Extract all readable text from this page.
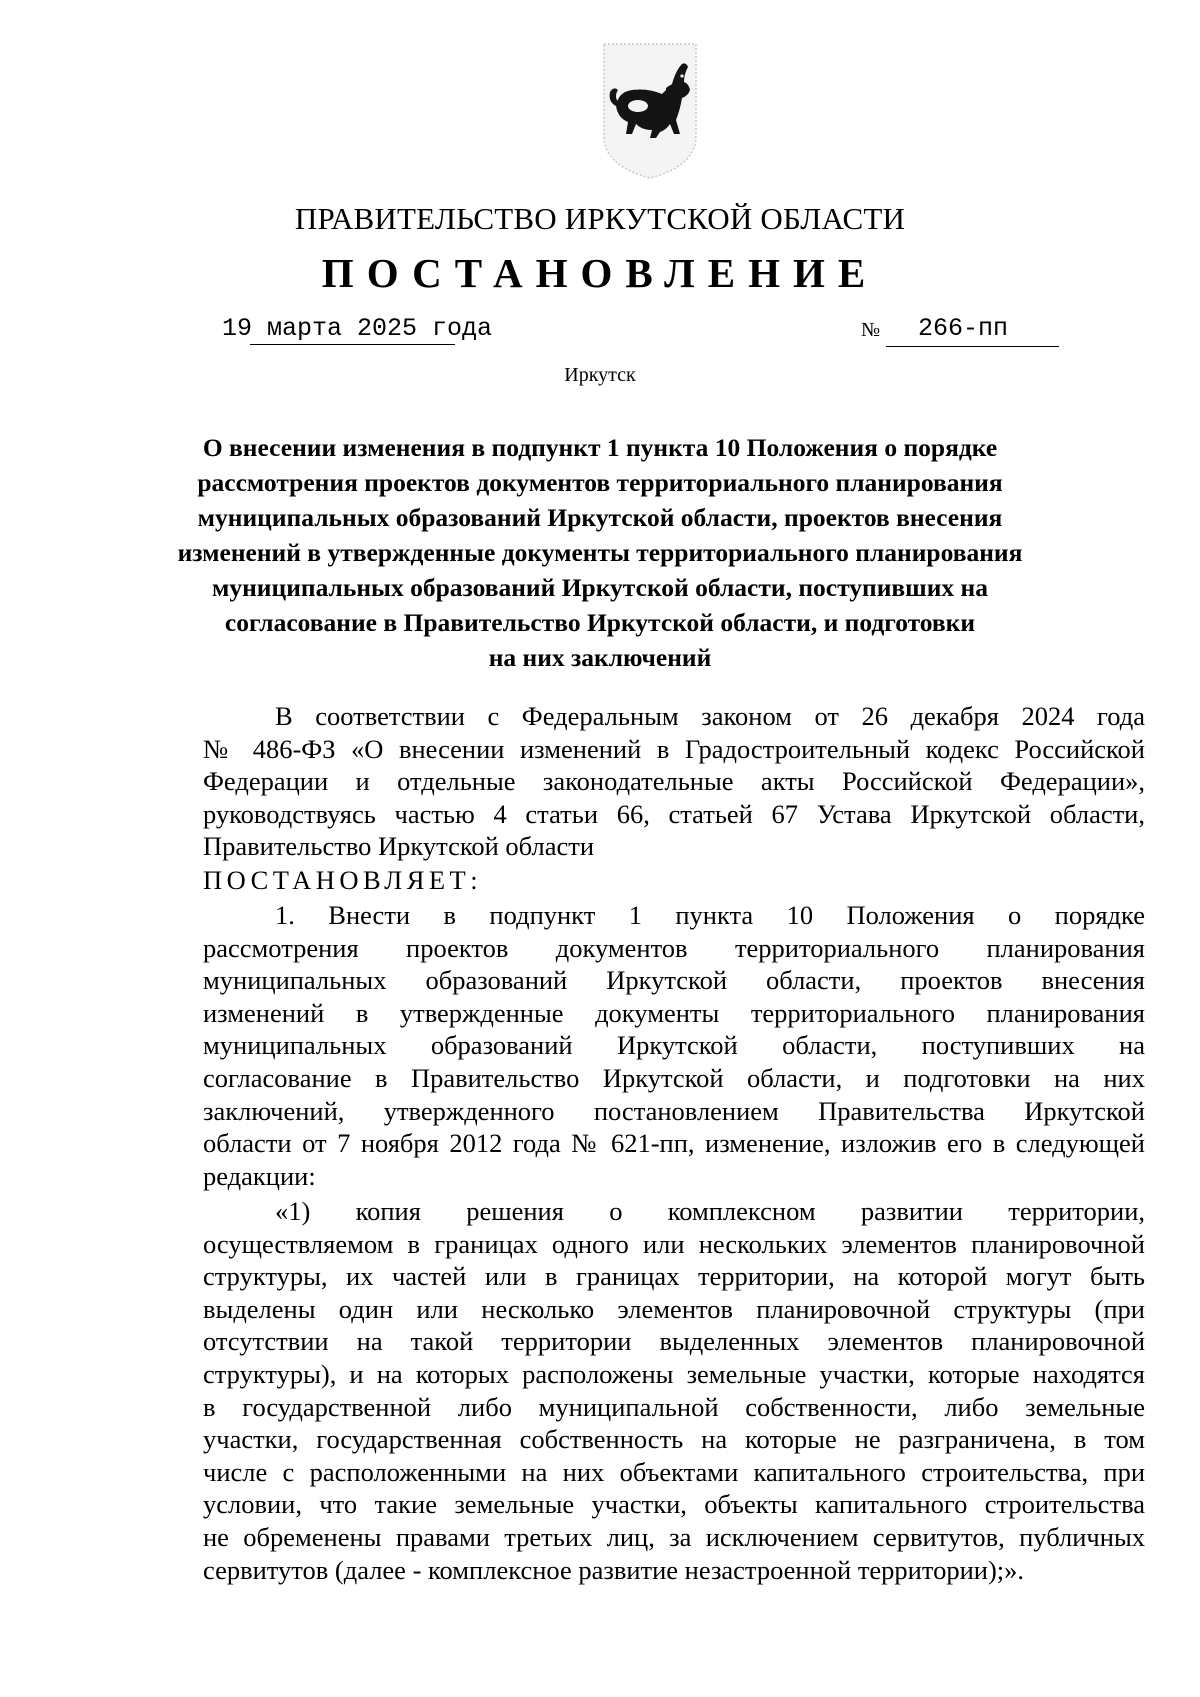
ПРАВИТЕЛЬСТВО ИРКУТСКОЙ ОБЛАСТИ
ПОСТАНОВЛЕНИЕ
19 марта 2025 года	№ 266-пп
Иркутск
О внесении изменения в подпункт 1 пункта 10 Положения о порядке
рассмотрения проектов документов территориального планирования
муниципальных образований Иркутской области, проектов внесения
изменений в утвержденные документы территориального планирования
муниципальных образований Иркутской области, поступивших на
согласование в Правительство Иркутской области, и подготовки
на них заключений
В соответствии с Федеральным законом от 26 декабря 2024 года
№ 486-ФЗ «О внесении изменений в Градостроительный кодекс Российской
Федерации и отдельные законодательные акты Российской Федерации»,
руководствуясь частью 4 статьи 66, статьей 67 Устава Иркутской области,
Правительство Иркутской области
ПОСТАНОВЛЯЕТ:
1. Внести в подпункт 1 пункта 10 Положения о порядке
рассмотрения проектов документов территориального планирования
муниципальных образований Иркутской области, проектов внесения
изменений в утвержденные документы территориального планирования
муниципальных образований Иркутской области, поступивших на
согласование в Правительство Иркутской области, и подготовки на них
заключений, утвержденного постановлением Правительства Иркутской
области от 7 ноября 2012 года № 621-пп, изменение, изложив его в следующей
редакции:
«1) копия решения о комплексном развитии территории,
осуществляемом в границах одного или нескольких элементов планировочной
структуры, их частей или в границах территории, на которой могут быть
выделены один или несколько элементов планировочной структуры (при
отсутствии на такой территории выделенных элементов планировочной
структуры), и на которых расположены земельные участки, которые находятся
в государственной либо муниципальной собственности, либо земельные
участки, государственная собственность на которые не разграничена, в том
числе с расположенными на них объектами капитального строительства, при
условии, что такие земельные участки, объекты капитального строительства
не обременены правами третьих лиц, за исключением сервитутов, публичных
сервитутов (далее - комплексное развитие незастроенной территории);».
